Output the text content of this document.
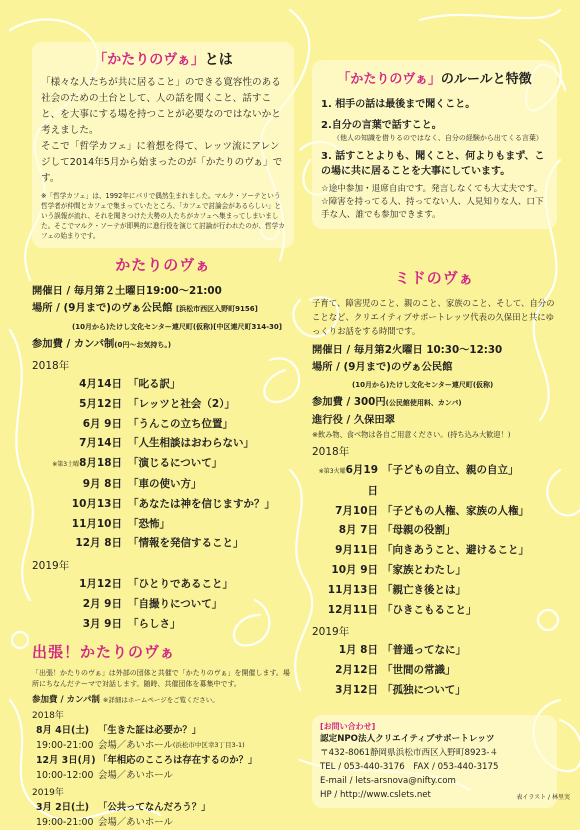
「かたりのヴぁ」とは

「様々な人たちが共に居ること」のできる寛容性のある社会のための土台として、人の話を聞くこと、話すこと、を大事にする場を持つことが必要なのではないかと考えました。

そこで「哲学カフェ」に着想を得て、レッツ流にアレンジして2014年5月から始まったのが「かたりのヴぁ」です。

※「哲学カフェ」は、1992年にパリで偶然生まれました。マルク・ソーテという哲学者が仲間とカフェで集まっていたところ、「カフェで討論会があるらしい」という誤報が流れ、それを聞きつけた大勢の人たちがカフェへ集まってしまいました。そこでマルク・ソーテが即興的に進行役を演じて討論が行われたのが、哲学カフェの始まりです。

かたりのヴぁ
開催日 / 毎月第２土曜日19:00～21:00
場所 / (9月まで)のヴぁ公民館 [浜松市西区入野町9156]
(10月から)たけし文化センター連尺町(仮称)[中区連尺町314-30]
参加費 / カンパ制(0円～お気持ち。)
2018年
4月14日 「叱る訳」
5月12日 「レッツと社会（2）」
6月 9日 「うんこの立ち位置」
7月14日 「人生相談はおわらない」
※第3土曜8月18日 「演じるについて」
9月 8日 「車の使い方」
10月13日 「あなたは神を信じますか？」
11月10日 「恐怖」
12月 8日 「情報を発信すること」
2019年
1月12日 「ひとりであること」
2月 9日 「自撮りについて」
3月 9日 「らしさ」
出張！かたりのヴぁ

「出張！かたりのヴぁ」は外部の団体と共催で「かたりのヴぁ」を開催します。場所にちなんだテーマで対話します。随時、共催団体を募集中です。

参加費 / カンパ制 ※詳細はホームページをご覧ください。
2018年
8月 4日(土) 「生きた証は必要か？」
19:00-21:00 会場／あいホール (浜松市中区幸3丁目3-1)
12月 3日(月) 「年相応のこころは存在するのか？」
10:00-12:00 会場／あいホール
2019年
3月 2日(土) 「公共ってなんだろう？」
19:00-21:00 会場／あいホール
「かたりのヴぁ」のルールと特徴
1. 相手の話は最後まで聞くこと。
2.自分の言葉で話すこと。
（他人の知識を借りるのではなく、自分の経験から出てくる言葉）
3. 話すことよりも、聞くこと、何よりもまず、この場に共に居ることを大事にしています。
☆途中参加・退席自由です。発言しなくても大丈夫です。
☆障害を持ってる人、持ってない人、人見知りな人、口下手な人、誰でも参加できます。
ミドのヴぁ

子育て、障害児のこと、親のこと、家族のこと、そして、自分のことなど、クリエイティブサポートレッツ代表の久保田と共にゆっくりお話をする時間です。

開催日 / 毎月第2火曜日 10:30～12:30
場所 / (9月まで)のヴぁ公民館
(10月から)たけし文化センター連尺町(仮称)
参加費 / 300円(公民館使用料、カンパ)
進行役 / 久保田翠
※飲み物、食べ物は各自ご用意ください。(持ち込み大歓迎！)
2018年
※第3火曜6月19日
「子どもの自立、親の自立」
7月10日 「子どもの人権、家族の人権」
8月 7日 「母親の役割」
9月11日 「向きあうこと、避けること」
10月 9日 「家族とわたし」
11月13日 「親亡き後とは」
12月11日 「ひきこもること」
2019年
1月 8日 「普通ってなに」
2月12日 「世間の常識」
3月12日 「孤独について」
[お問い合わせ]
認定NPO法人クリエイティブサポートレッツ
〒432-8061静岡県浜松市西区入野町8923-４
TEL / 053-440-3176　FAX / 053-440-3175
E-mail / lets-arsnova@nifty.com
HP / http://www.cslets.net	表イラスト / 林里実
